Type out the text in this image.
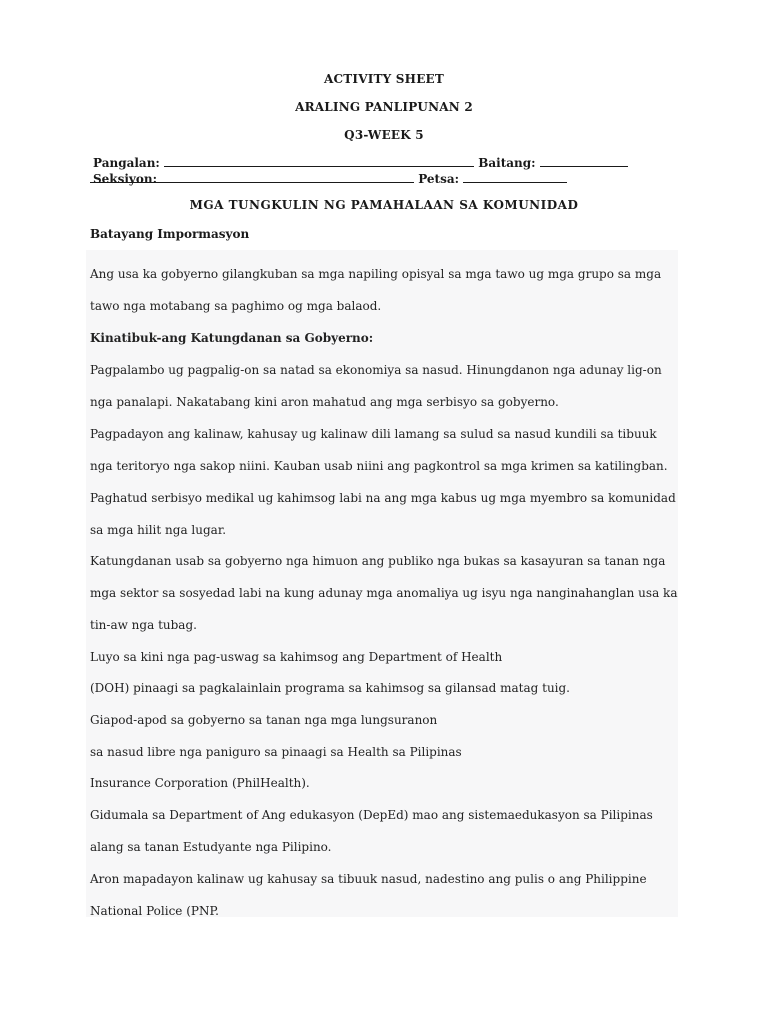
ACTIVITY SHEET
ARALING PANLIPUNAN 2
Q3-WEEK 5
Pangalan:	Baitang:  Seksiyon:	Petsa:
MGA TUNGKULIN NG PAMAHALAAN SA KOMUNIDAD
Batayang Impormasyon
Ang usa ka gobyerno gilangkuban sa mga napiling opisyal sa mga tawo ug mga grupo sa mga
tawo nga motabang sa paghimo og mga balaod.
Kinatibuk-ang Katungdanan sa Gobyerno:
Pagpalambo ug pagpalig-on sa natad sa ekonomiya sa nasud. Hinungdanon nga adunay lig-on
nga panalapi. Nakatabang kini aron mahatud ang mga serbisyo sa gobyerno.
Pagpadayon ang kalinaw, kahusay ug kalinaw dili lamang sa sulud sa nasud kundili sa tibuuk
nga teritoryo nga sakop niini. Kauban usab niini ang pagkontrol sa mga krimen sa katilingban.
Paghatud serbisyo medikal ug kahimsog labi na ang mga kabus ug mga myembro sa komunidad
sa mga hilit nga lugar.
Katungdanan usab sa gobyerno nga himuon ang publiko nga bukas sa kasayuran sa tanan nga
mga sektor sa sosyedad labi na kung adunay mga anomaliya ug isyu nga nanginahanglan usa ka
tin-aw nga tubag.
Luyo sa kini nga pag-uswag sa kahimsog ang Department of Health
(DOH) pinaagi sa pagkalainlain programa sa kahimsog sa gilansad matag tuig.
Giapod-apod sa gobyerno sa tanan nga mga lungsuranon
sa nasud libre nga paniguro sa pinaagi sa Health sa Pilipinas
Insurance Corporation (PhilHealth).
Gidumala sa Department of Ang edukasyon (DepEd) mao ang sistemaedukasyon sa Pilipinas
alang sa tanan Estudyante nga Pilipino.
Aron mapadayon kalinaw ug kahusay sa tibuuk nasud, nadestino ang pulis o ang Philippine
National Police (PNP.
